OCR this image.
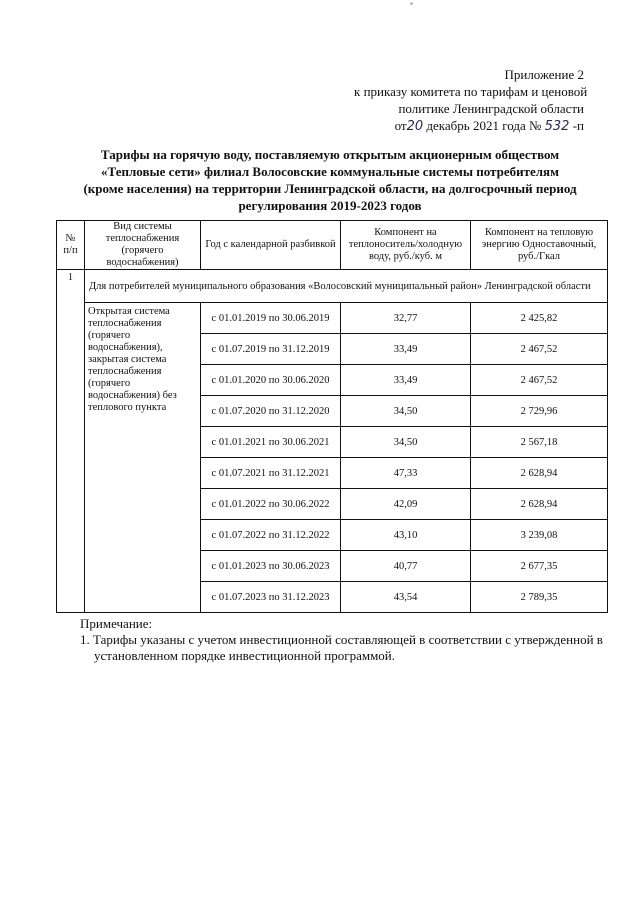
Приложение 2
к приказу комитета по тарифам и ценовой
политике Ленинградской области
от20 декабрь 2021 года № 532 -п
Тарифы на горячую воду, поставляемую открытым акционерным обществом
«Тепловые сети» филиал Волосовские коммунальные системы потребителям
(кроме населения) на территории Ленинградской области, на долгосрочный период
регулирования 2019-2023 годов
№ п/п	Вид системы теплоснабжения (горячего водоснабжения)	Год с календарной разбивкой	Компонент на теплоноситель/холодную воду, руб./куб. м	Компонент на тепловую энергию Одноставочный, руб./Гкал
1	Для потребителей муниципального образования «Волосовский муниципальный район» Ленинградской области			
	Открытая система теплоснабжения (горячего водоснабжения), закрытая система теплоснабжения (горячего водоснабжения) без теплового пункта	с 01.01.2019 по 30.06.2019	32,77	2 425,82
		с 01.07.2019 по 31.12.2019	33,49	2 467,52
		с 01.01.2020 по 30.06.2020	33,49	2 467,52
		с 01.07.2020 по 31.12.2020	34,50	2 729,96
		с 01.01.2021 по 30.06.2021	34,50	2 567,18
		с 01.07.2021 по 31.12.2021	47,33	2 628,94
		с 01.01.2022 по 30.06.2022	42,09	2 628,94
		с 01.07.2022 по 31.12.2022	43,10	3 239,08
		с 01.01.2023 по 30.06.2023	40,77	2 677,35
		с 01.07.2023 по 31.12.2023	43,54	2 789,35
Примечание:
1. Тарифы указаны с учетом инвестиционной составляющей в соответствии с утвержденной в установленном порядке инвестиционной программой.
